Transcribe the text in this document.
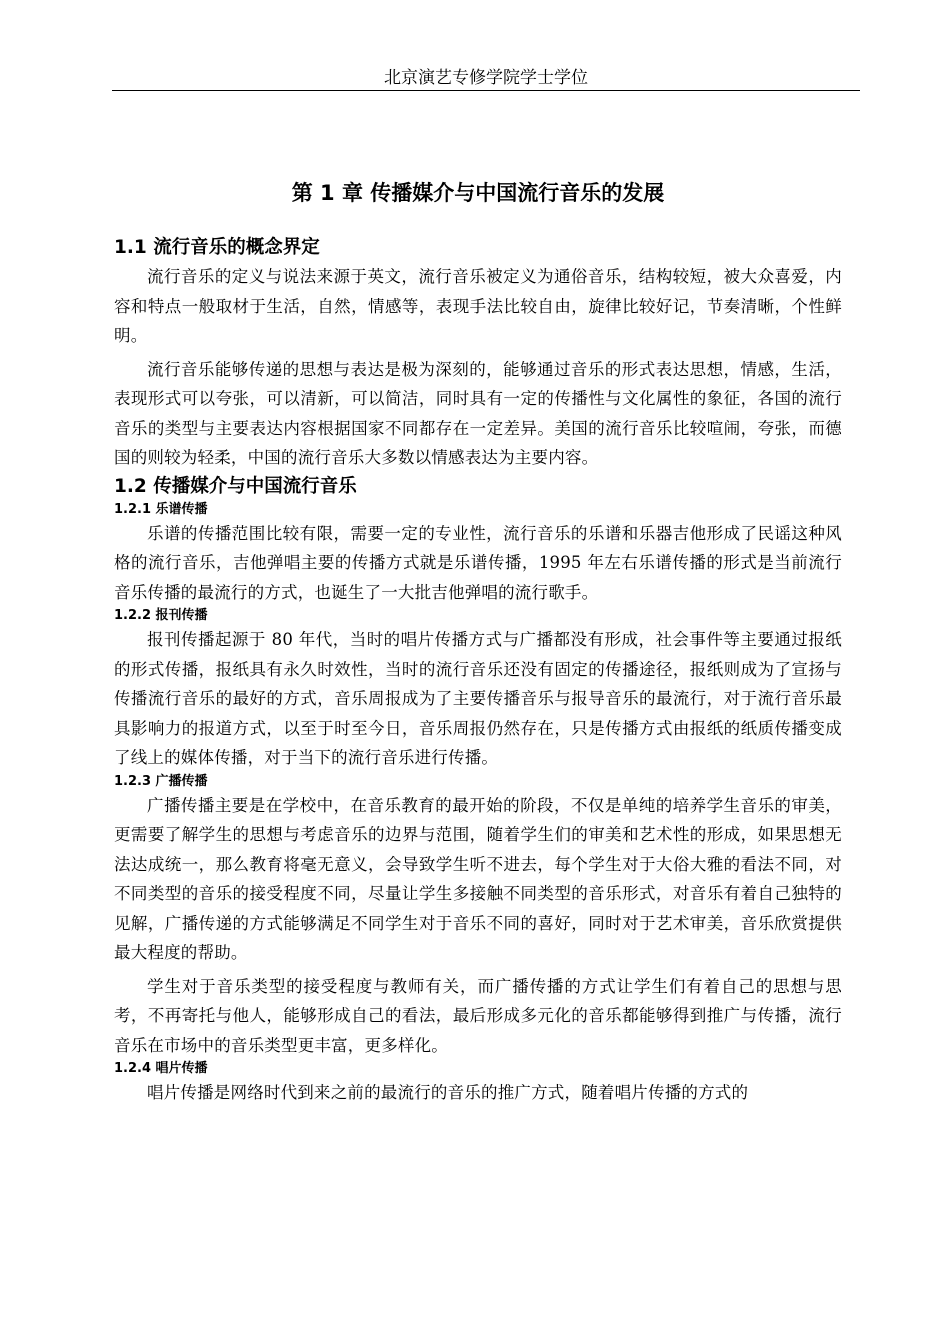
北京演艺专修学院学士学位
第 1 章 传播媒介与中国流行音乐的发展
1.1 流行音乐的概念界定

流行音乐的定义与说法来源于英文，流行音乐被定义为通俗音乐，结构较短，被大众喜爱，内容和特点一般取材于生活，自然，情感等，表现手法比较自由，旋律比较好记，节奏清晰，个性鲜明。

流行音乐能够传递的思想与表达是极为深刻的，能够通过音乐的形式表达思想，情感，生活，表现形式可以夸张，可以清新，可以简洁，同时具有一定的传播性与文化属性的象征，各国的流行音乐的类型与主要表达内容根据国家不同都存在一定差异。美国的流行音乐比较喧闹，夸张，而德国的则较为轻柔，中国的流行音乐大多数以情感表达为主要内容。

1.2 传播媒介与中国流行音乐
1.2.1 乐谱传播

乐谱的传播范围比较有限，需要一定的专业性，流行音乐的乐谱和乐器吉他形成了民谣这种风格的流行音乐，吉他弹唱主要的传播方式就是乐谱传播，1995 年左右乐谱传播的形式是当前流行音乐传播的最流行的方式，也诞生了一大批吉他弹唱的流行歌手。

1.2.2 报刊传播

报刊传播起源于 80 年代，当时的唱片传播方式与广播都没有形成，社会事件等主要通过报纸的形式传播，报纸具有永久时效性，当时的流行音乐还没有固定的传播途径，报纸则成为了宣扬与传播流行音乐的最好的方式，音乐周报成为了主要传播音乐与报导音乐的最流行，对于流行音乐最具影响力的报道方式，以至于时至今日，音乐周报仍然存在，只是传播方式由报纸的纸质传播变成了线上的媒体传播，对于当下的流行音乐进行传播。

1.2.3 广播传播

广播传播主要是在学校中，在音乐教育的最开始的阶段，不仅是单纯的培养学生音乐的审美，更需要了解学生的思想与考虑音乐的边界与范围，随着学生们的审美和艺术性的形成，如果思想无法达成统一，那么教育将毫无意义，会导致学生听不进去，每个学生对于大俗大雅的看法不同，对不同类型的音乐的接受程度不同，尽量让学生多接触不同类型的音乐形式，对音乐有着自己独特的见解，广播传递的方式能够满足不同学生对于音乐不同的喜好，同时对于艺术审美，音乐欣赏提供最大程度的帮助。

学生对于音乐类型的接受程度与教师有关，而广播传播的方式让学生们有着自己的思想与思考，不再寄托与他人，能够形成自己的看法，最后形成多元化的音乐都能够得到推广与传播，流行音乐在市场中的音乐类型更丰富，更多样化。

1.2.4 唱片传播

唱片传播是网络时代到来之前的最流行的音乐的推广方式，随着唱片传播的方式的
